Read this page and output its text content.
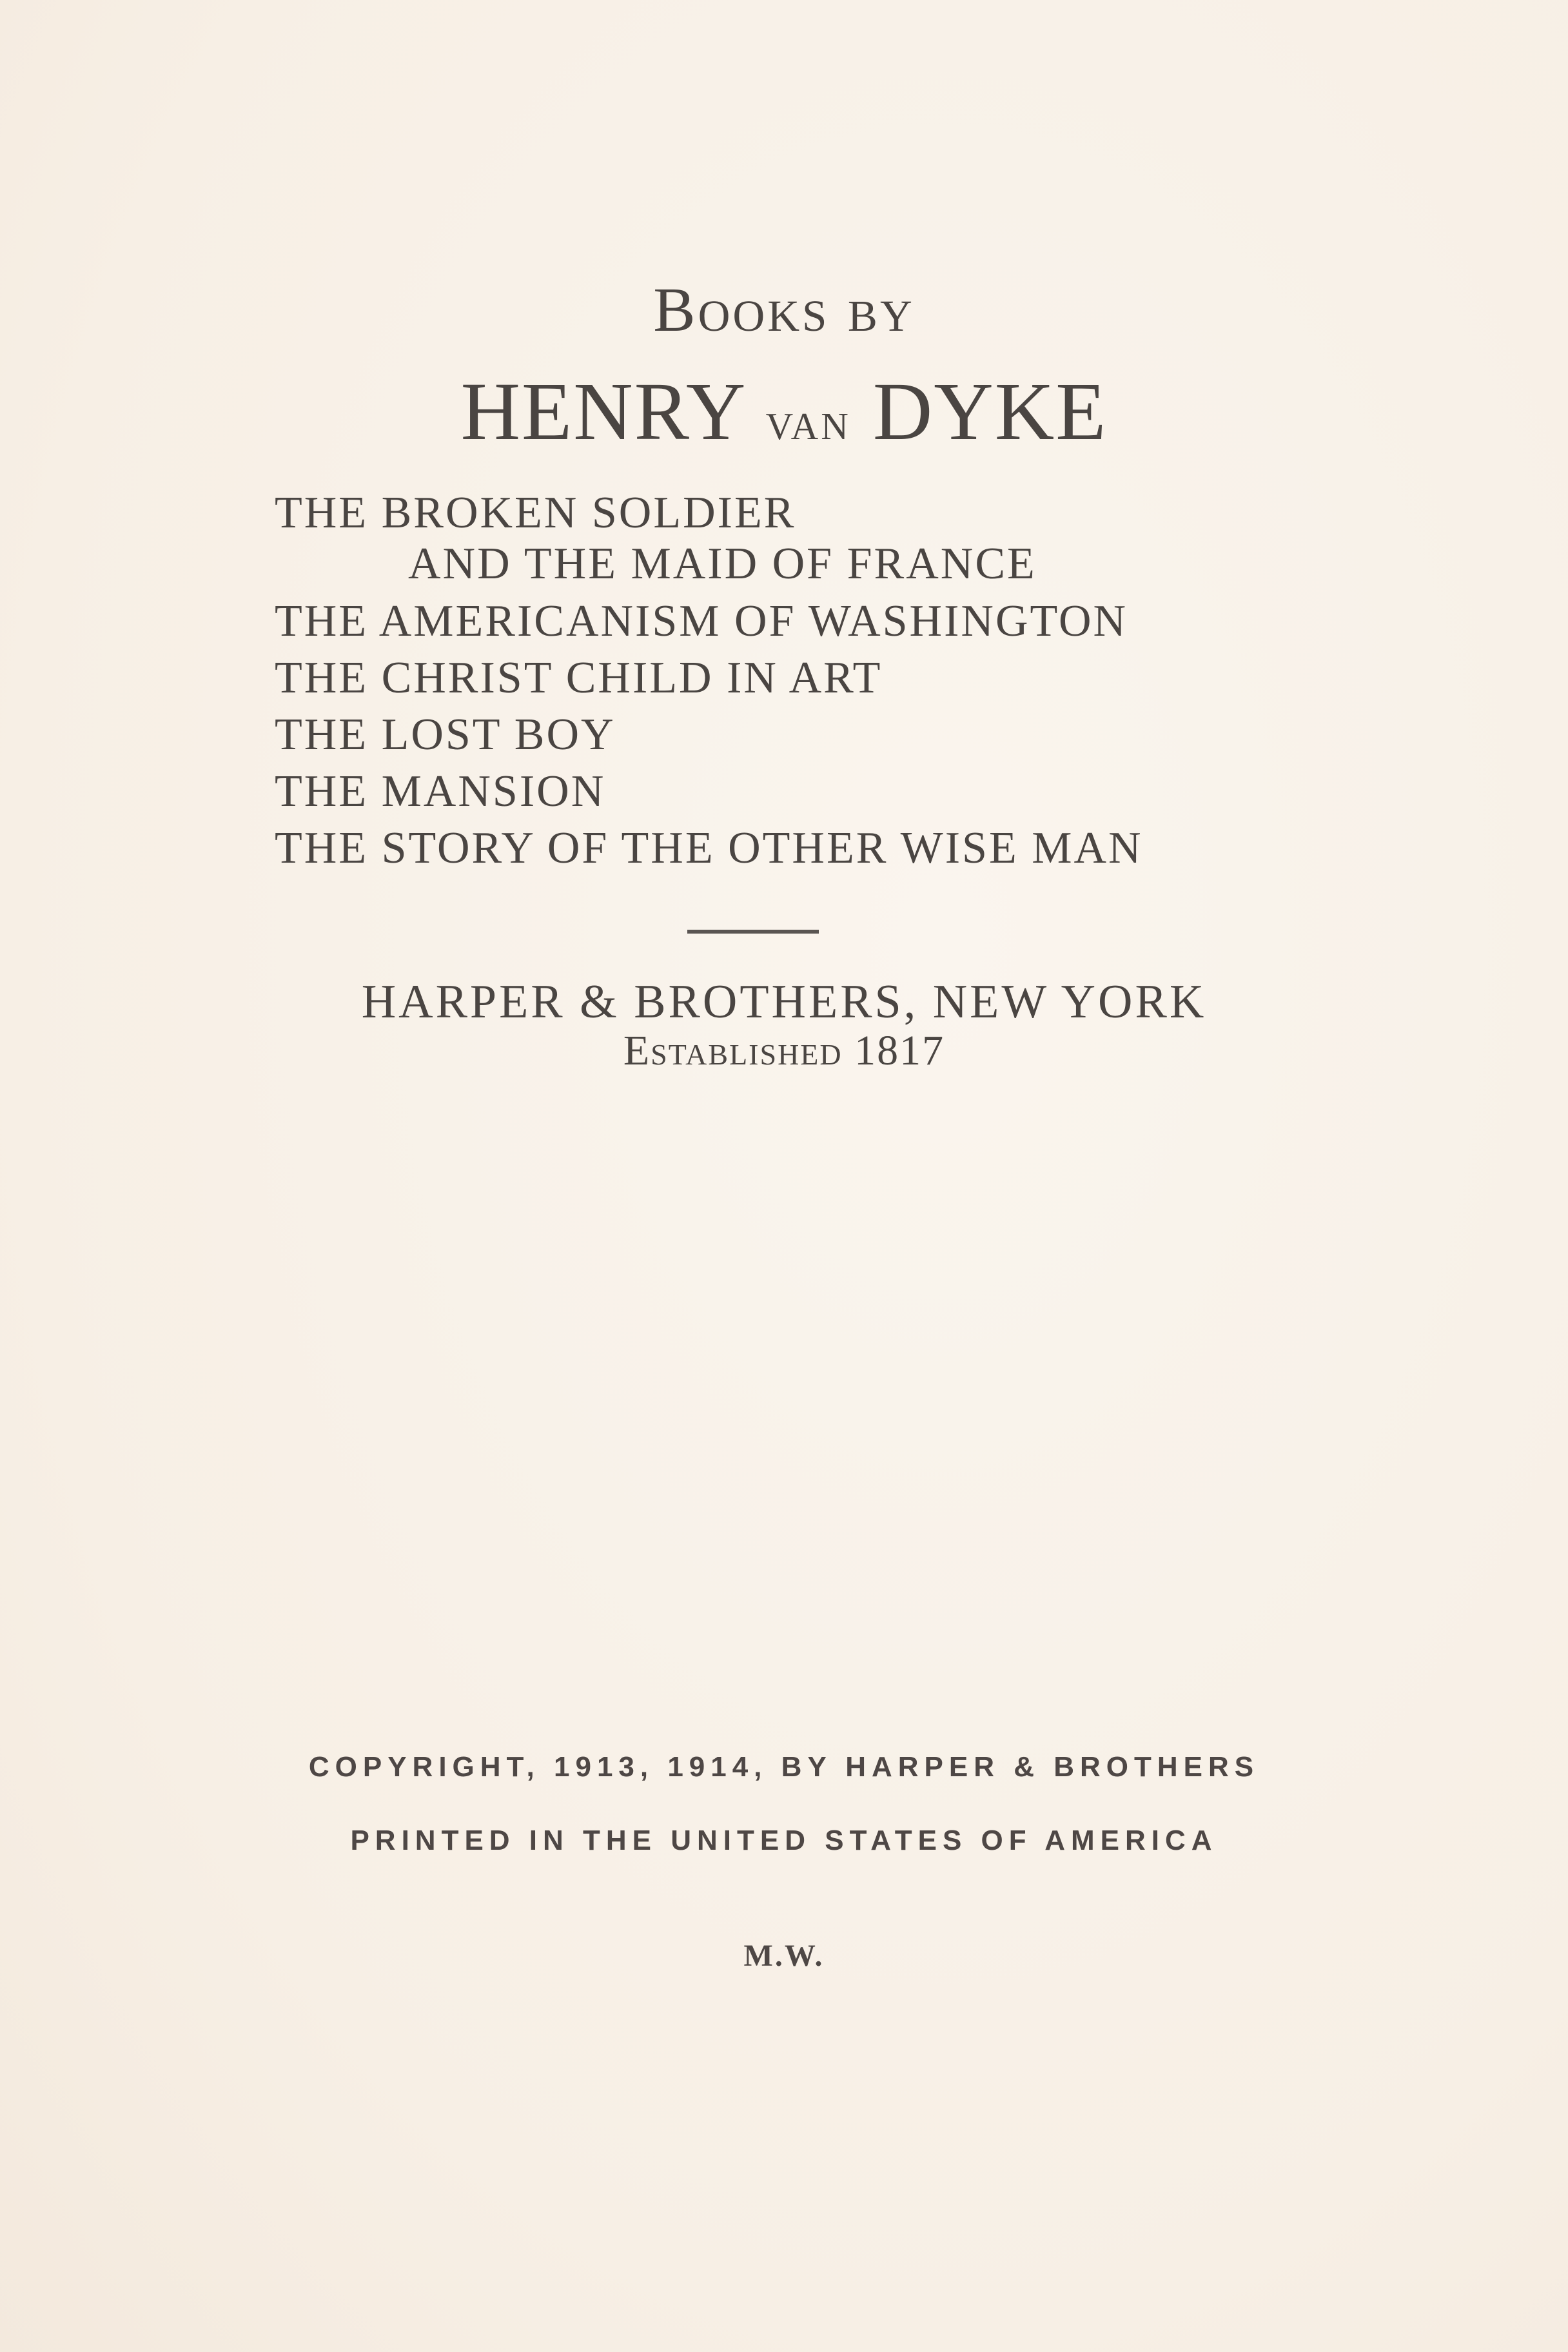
Books by
HENRY van DYKE
THE BROKEN SOLDIER
AND THE MAID OF FRANCE
THE AMERICANISM OF WASHINGTON
THE CHRIST CHILD IN ART
THE LOST BOY
THE MANSION
THE STORY OF THE OTHER WISE MAN
HARPER & BROTHERS, NEW YORK
Established 1817
COPYRIGHT, 1913, 1914, BY HARPER & BROTHERS
PRINTED IN THE UNITED STATES OF AMERICA
M.W.
